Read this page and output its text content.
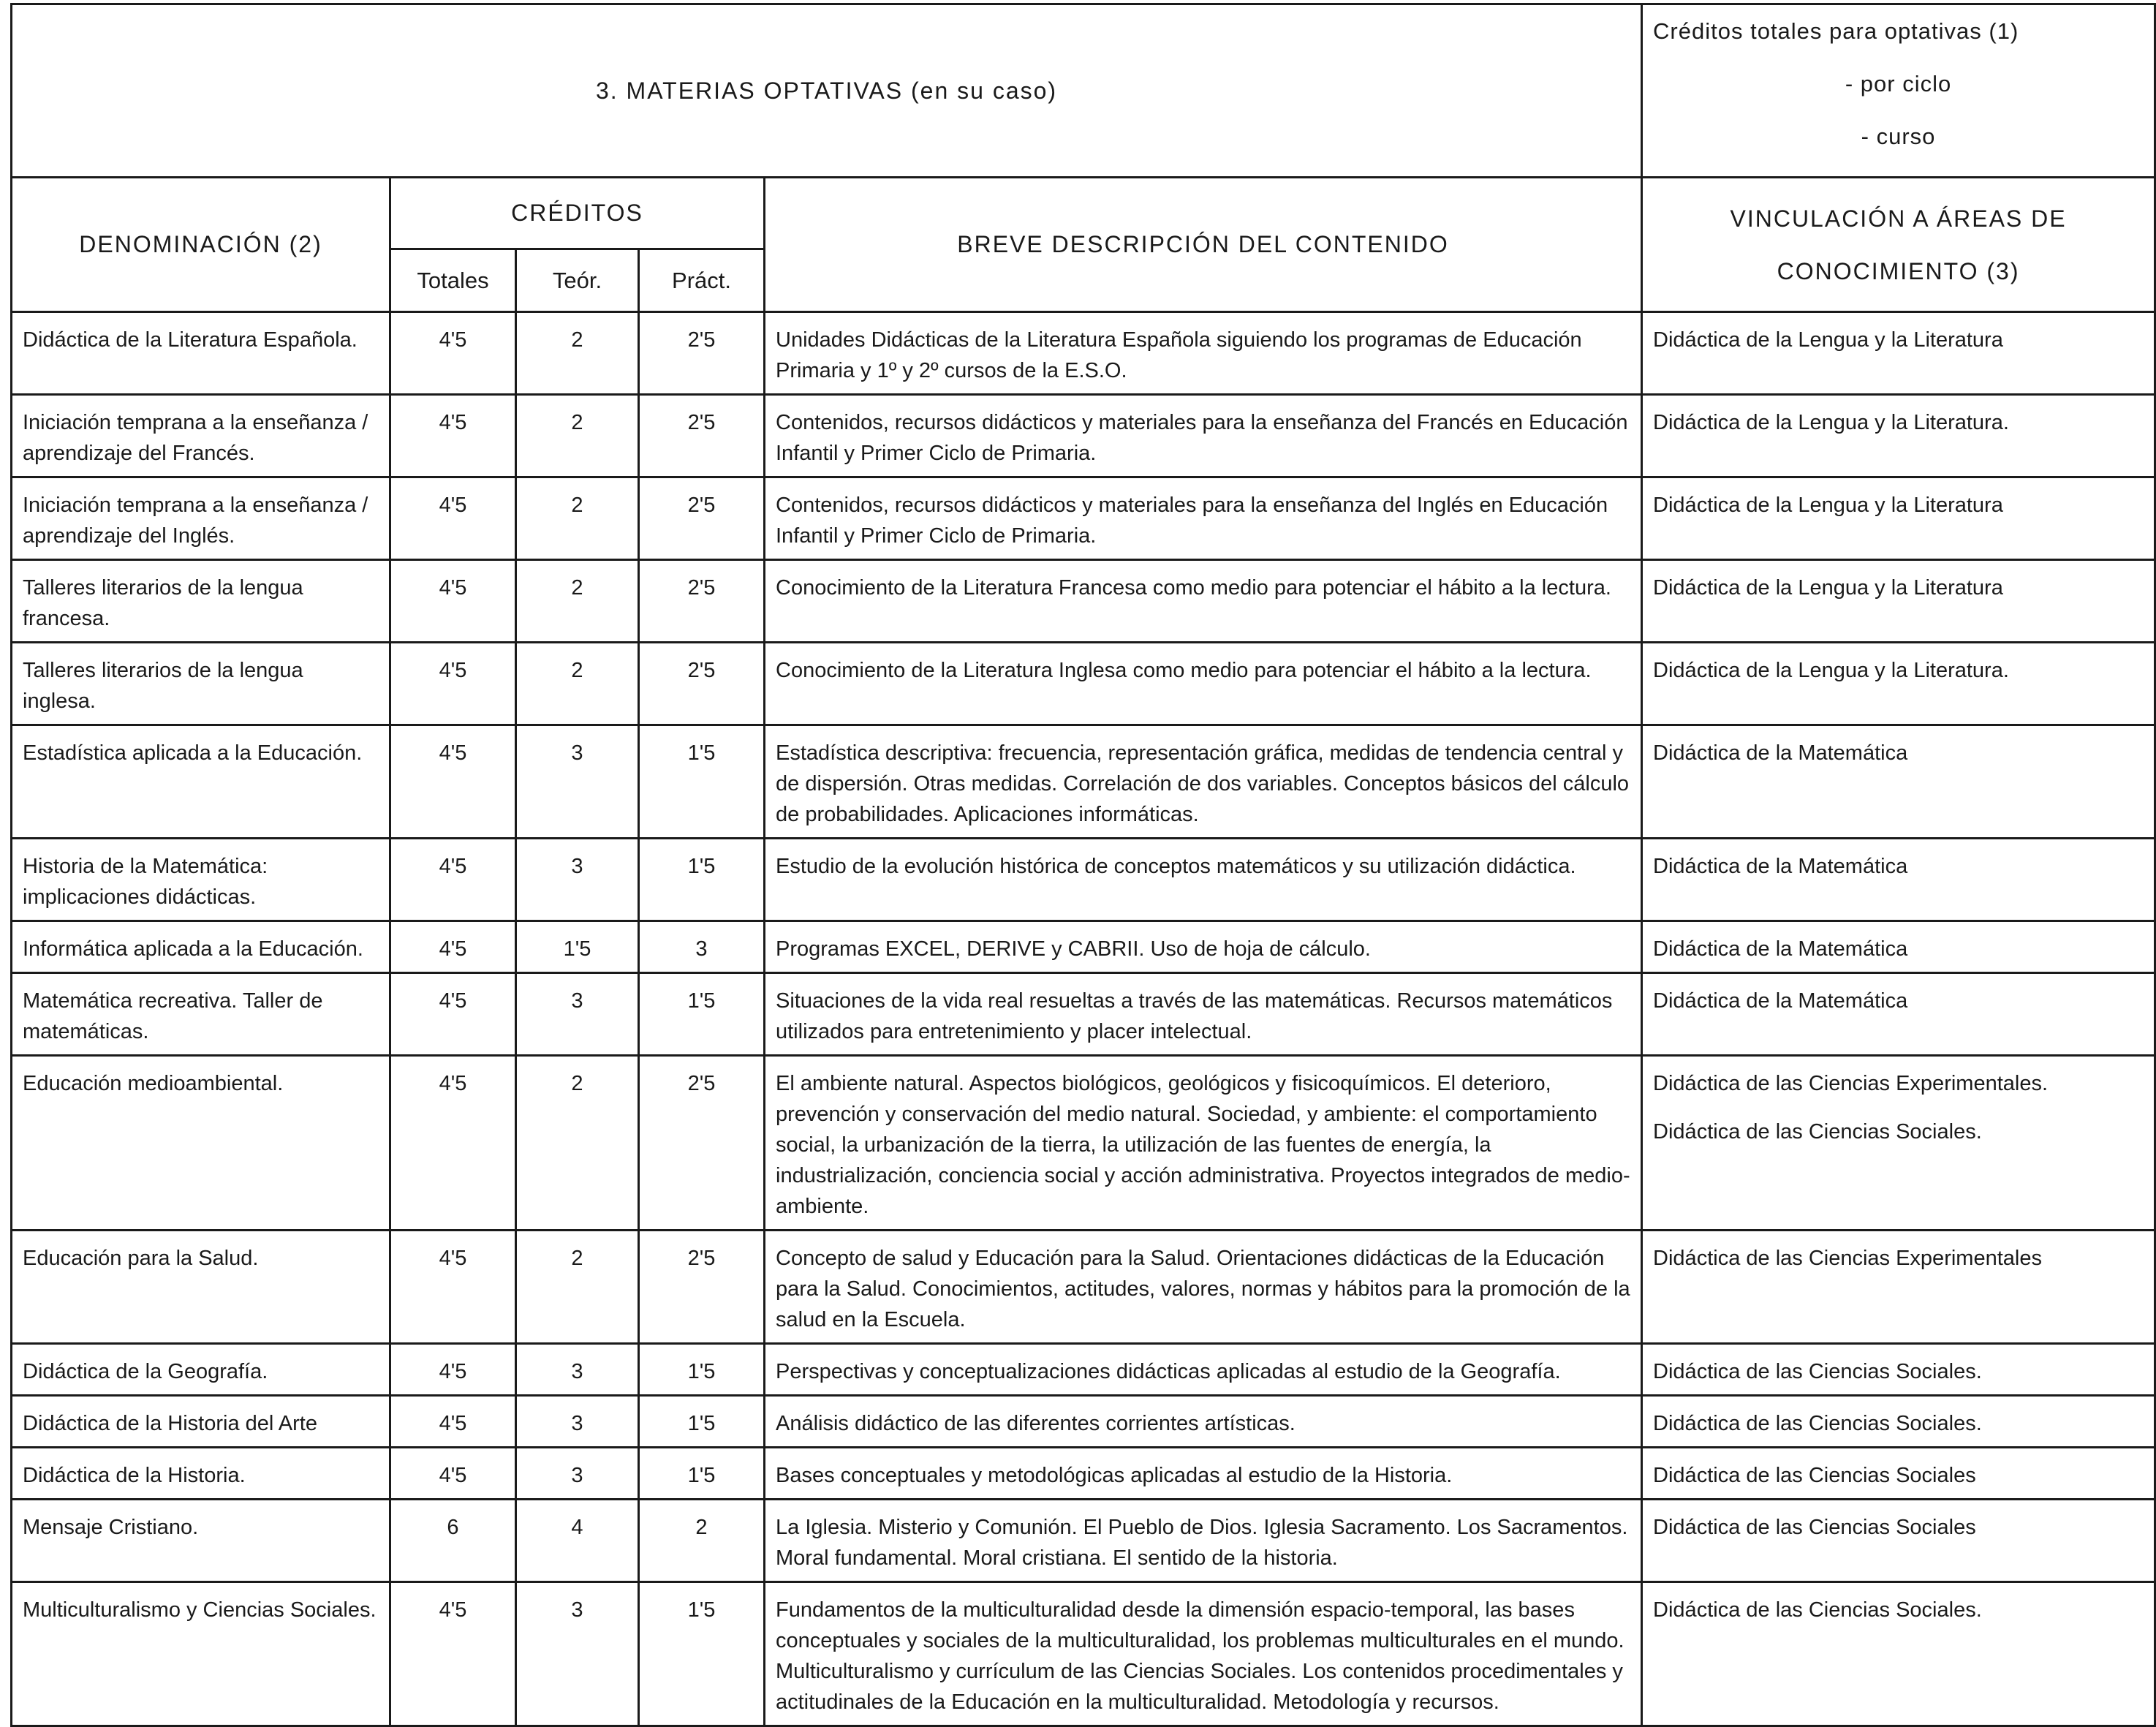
3. MATERIAS OPTATIVAS (en su caso)					Créditos totales para optativas (1)
- por ciclo
- curso

DENOMINACIÓN (2)	CRÉDITOS			BREVE DESCRIPCIÓN DEL CONTENIDO	VINCULACIÓN A ÁREAS DE
CONOCIMIENTO (3)

	Totales	Teór.	Práct.		
Didáctica de la Literatura Española.	4'5	2	2'5	Unidades Didácticas de la Literatura Española siguiendo los programas de Educación Primaria y 1º y 2º cursos de la E.S.O.	Didáctica de la Lengua y la Literatura

Iniciación temprana a la enseñanza / aprendizaje del Francés.	4'5	2	2'5	Contenidos, recursos didácticos y materiales para la enseñanza del Francés en Educación Infantil y Primer Ciclo de Primaria.	Didáctica de la Lengua y la Literatura.

Iniciación temprana a la enseñanza / aprendizaje del Inglés.	4'5	2	2'5	Contenidos, recursos didácticos y materiales para la enseñanza del Inglés en Educación Infantil y Primer Ciclo de Primaria.	Didáctica de la Lengua y la Literatura

Talleres literarios de la lengua francesa.	4'5	2	2'5	Conocimiento de la Literatura Francesa como medio para potenciar el hábito a la lectura.	Didáctica de la Lengua y la Literatura

Talleres literarios de la lengua inglesa.	4'5	2	2'5	Conocimiento de la Literatura Inglesa como medio para potenciar el hábito a la lectura.	Didáctica de la Lengua y la Literatura.

Estadística aplicada a la Educación.	4'5	3	1'5	Estadística descriptiva: frecuencia, representación gráfica, medidas de tendencia central y de dispersión. Otras medidas. Correlación de dos variables. Conceptos básicos del cálculo de probabilidades. Aplicaciones informáticas.	Didáctica de la Matemática

Historia de la Matemática: implicaciones didácticas.	4'5	3	1'5	Estudio de la evolución histórica de conceptos matemáticos y su utilización didáctica.	Didáctica de la Matemática

Informática aplicada a la Educación.	4'5	1'5	3	Programas EXCEL, DERIVE y CABRII. Uso de hoja de cálculo.	Didáctica de la Matemática

Matemática recreativa. Taller de matemáticas.	4'5	3	1'5	Situaciones de la vida real resueltas a través de las matemáticas. Recursos matemáticos utilizados para entretenimiento y placer intelectual.	Didáctica de la Matemática

Educación medioambiental.	4'5	2	2'5	El ambiente natural. Aspectos biológicos, geológicos y fisicoquímicos. El deterioro, prevención y conservación del medio natural. Sociedad, y ambiente: el comportamiento social, la urbanización de la tierra, la utilización de las fuentes de energía, la industrialización, conciencia social y acción administrativa. Proyectos integrados de medio-ambiente.	Didáctica de las Ciencias Experimentales.
Didáctica de las Ciencias Sociales.

Educación para la Salud.	4'5	2	2'5	Concepto de salud y Educación para la Salud. Orientaciones didácticas de la Educación para la Salud. Conocimientos, actitudes, valores, normas y hábitos para la promoción de la salud en la Escuela.	Didáctica de las Ciencias Experimentales

Didáctica de la Geografía.	4'5	3	1'5	Perspectivas y conceptualizaciones didácticas aplicadas al estudio de la Geografía.	Didáctica de las Ciencias Sociales.

Didáctica de la Historia del Arte	4'5	3	1'5	Análisis didáctico de las diferentes corrientes artísticas.	Didáctica de las Ciencias Sociales.

Didáctica de la Historia.	4'5	3	1'5	Bases conceptuales y metodológicas aplicadas al estudio de la Historia.	Didáctica de las Ciencias Sociales

Mensaje Cristiano.	6	4	2	La Iglesia. Misterio y Comunión. El Pueblo de Dios. Iglesia Sacramento. Los Sacramentos. Moral fundamental. Moral cristiana. El sentido de la historia.	Didáctica de las Ciencias Sociales

Multiculturalismo y Ciencias Sociales.	4'5	3	1'5	Fundamentos de la multiculturalidad desde la dimensión espacio-temporal, las bases conceptuales y sociales de la multiculturalidad, los problemas multiculturales en el mundo. Multiculturalismo y currículum de las Ciencias Sociales. Los contenidos procedimentales y actitudinales de la Educación en la multiculturalidad. Metodología y recursos.	Didáctica de las Ciencias Sociales.
